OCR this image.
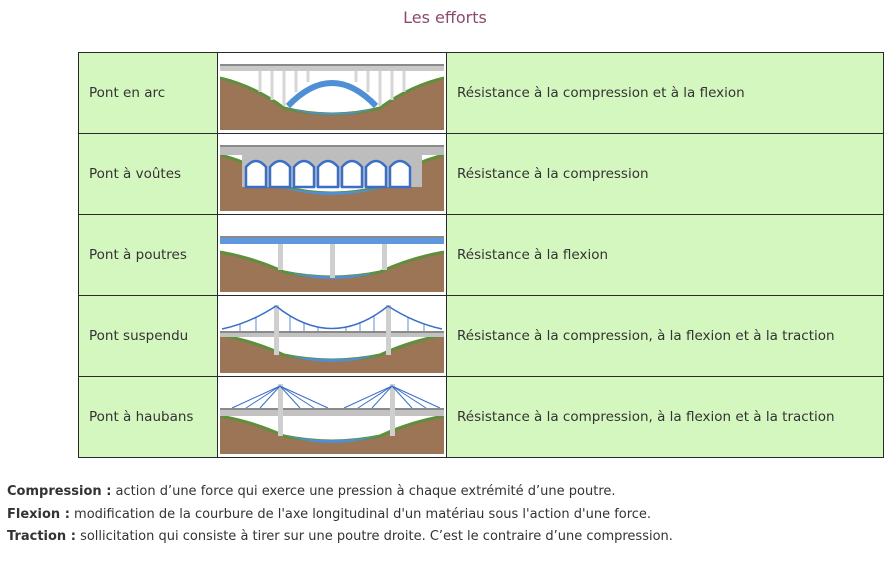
Les efforts
Pont en arc		Résistance à la compression et à la flexion
Pont à voûtes		Résistance à la compression
Pont à poutres		Résistance à la flexion
Pont suspendu		Résistance à la compression, à la flexion et à la traction
Pont à haubans		Résistance à la compression, à la flexion et à la traction
Compression : action d’une force qui exerce une pression à chaque extrémité d’une poutre.
Flexion : modification de la courbure de l'axe longitudinal d'un matériau sous l'action d'une force.
Traction : sollicitation qui consiste à tirer sur une poutre droite. C’est le contraire d’une compression.
